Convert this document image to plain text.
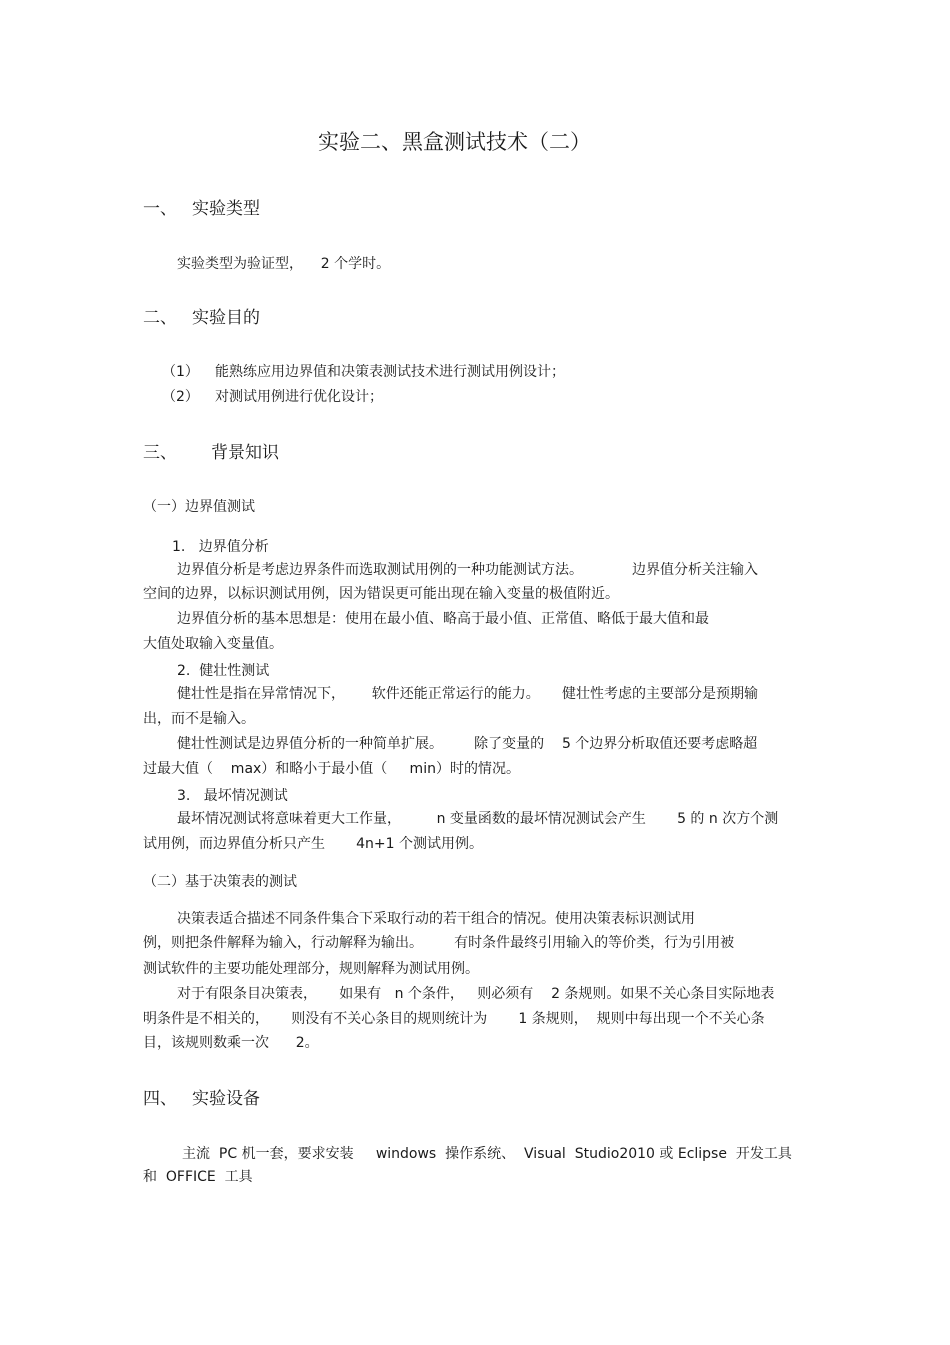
实验二、黑盒测试技术（二）
一、 实验类型
实验类型为验证型，    2 个学时。
二、 实验目的
（1） 能熟练应用边界值和决策表测试技术进行测试用例设计；
（2） 对测试用例进行优化设计；
三、 背景知识
（一）边界值测试
1.   边界值分析
边界值分析是考虑边界条件而选取测试用例的一种功能测试方法。           边界值分析关注输入
空间的边界，以标识测试用例，因为错误更可能出现在输入变量的极值附近。
边界值分析的基本思想是：使用在最小值、略高于最小值、正常值、略低于最大值和最
大值处取输入变量值。
2.  健壮性测试
健壮性是指在异常情况下，      软件还能正常运行的能力。     健壮性考虑的主要部分是预期输
出，而不是输入。
健壮性测试是边界值分析的一种简单扩展。       除了变量的    5 个边界分析取值还要考虑略超
过最大值（    max）和略小于最小值（     min）时的情况。
3.   最坏情况测试
最坏情况测试将意味着更大工作量，        n 变量函数的最坏情况测试会产生       5 的 n 次方个测
试用例，而边界值分析只产生       4n+1 个测试用例。
（二）基于决策表的测试
决策表适合描述不同条件集合下采取行动的若干组合的情况。使用决策表标识测试用
例，则把条件解释为输入，行动解释为输出。       有时条件最终引用输入的等价类，行为引用被
测试软件的主要功能处理部分，规则解释为测试用例。
对于有限条目决策表，     如果有   n 个条件，   则必须有    2 条规则。如果不关心条目实际地表
明条件是不相关的，     则没有不关心条目的规则统计为       1 条规则，  规则中每出现一个不关心条
目，该规则数乘一次      2。
四、 实验设备
主流  PC 机一套，要求安装     windows  操作系统、  Visual  Studio2010 或 Eclipse  开发工具
和  OFFICE  工具
